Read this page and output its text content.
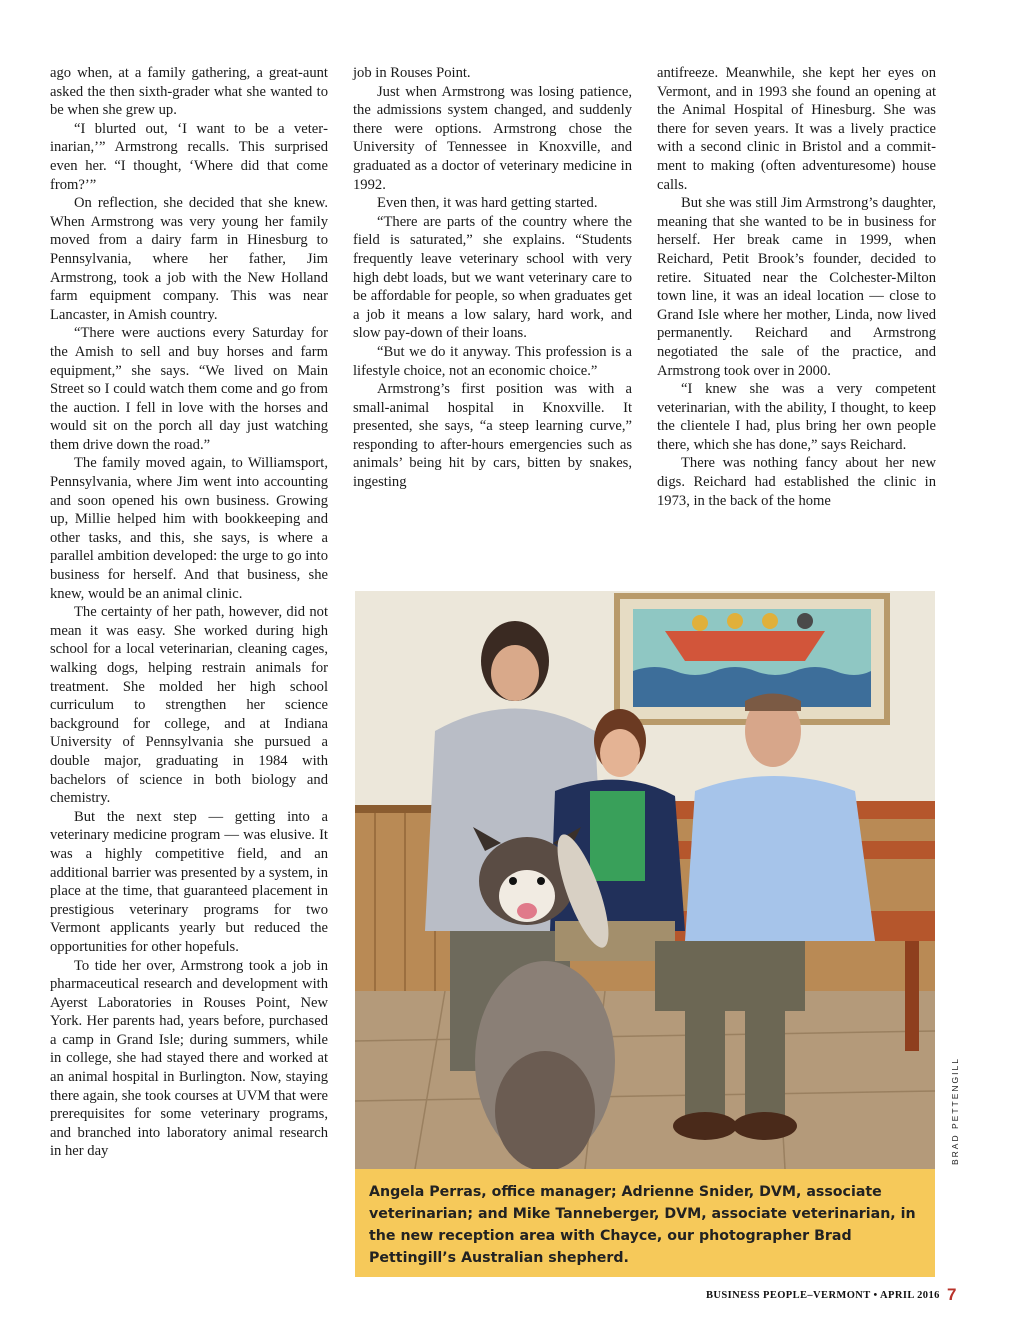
ago when, at a family gathering, a great-aunt asked the then sixth-grader what she wanted to be when she grew up.

“I blurted out, ‘I want to be a veterinarian,’” Armstrong recalls. This surprised even her. “I thought, ‘Where did that come from?’”

On reflection, she decided that she knew. When Armstrong was very young her family moved from a dairy farm in Hinesburg to Pennsylvania, where her father, Jim Armstrong, took a job with the New Holland farm equipment company. This was near Lancaster, in Amish country.

“There were auctions every Saturday for the Amish to sell and buy horses and farm equipment,” she says. “We lived on Main Street so I could watch them come and go from the auction. I fell in love with the horses and would sit on the porch all day just watching them drive down the road.”

The family moved again, to Williamsport, Pennsylvania, where Jim went into accounting and soon opened his own business. Growing up, Millie helped him with bookkeeping and other tasks, and this, she says, is where a parallel ambition developed: the urge to go into business for herself. And that business, she knew, would be an animal clinic.

The certainty of her path, however, did not mean it was easy. She worked during high school for a local veterinarian, cleaning cages, walking dogs, helping restrain animals for treatment. She molded her high school curriculum to strengthen her science background for college, and at Indiana University of Pennsylvania she pursued a double major, graduating in 1984 with bachelors of science in both biology and chemistry.

But the next step — getting into a veterinary medicine program — was elusive. It was a highly competitive field, and an additional barrier was presented by a system, in place at the time, that guaranteed placement in prestigious veterinary programs for two Vermont applicants yearly but reduced the opportunities for other hopefuls.

To tide her over, Armstrong took a job in pharmaceutical research and development with Ayerst Laboratories in Rouses Point, New York. Her parents had, years before, purchased a camp in Grand Isle; during summers, while in college, she had stayed there and worked at an animal hospital in Burlington. Now, staying there again, she took courses at UVM that were prerequisites for some veterinary programs, and branched into laboratory animal research in her day

job in Rouses Point.

Just when Armstrong was losing patience, the admissions system changed, and suddenly there were options. Armstrong chose the University of Tennessee in Knoxville, and graduated as a doctor of veterinary medicine in 1992.

Even then, it was hard getting started.

“There are parts of the country where the field is saturated,” she explains. “Students frequently leave veterinary school with very high debt loads, but we want veterinary care to be affordable for people, so when graduates get a job it means a low salary, hard work, and slow pay-down of their loans.

“But we do it anyway. This profession is a lifestyle choice, not an economic choice.”

Armstrong’s first position was with a small-animal hospital in Knoxville. It presented, she says, “a steep learning curve,” responding to after-hours emergencies such as animals’ being hit by cars, bitten by snakes, ingesting

antifreeze. Meanwhile, she kept her eyes on Vermont, and in 1993 she found an opening at the Animal Hospital of Hinesburg. She was there for seven years. It was a lively practice with a second clinic in Bristol and a commitment to making (often adventuresome) house calls.

But she was still Jim Armstrong’s daughter, meaning that she wanted to be in business for herself. Her break came in 1999, when Reichard, Petit Brook’s founder, decided to retire. Situated near the Colchester-Milton town line, it was an ideal location — close to Grand Isle where her mother, Linda, now lived permanently. Reichard and Armstrong negotiated the sale of the practice, and Armstrong took over in 2000.

“I knew she was a very competent veterinarian, with the ability, I thought, to keep the clientele I had, plus bring her own people there, which she has done,” says Reichard.

There was nothing fancy about her new digs. Reichard had established the clinic in 1973, in the back of the home

Angela Perras, office manager; Adrienne Snider, DVM, associate veterinarian; and Mike Tanneberger, DVM, associate veterinarian, in the new reception area with Chayce, our photographer Brad Pettingill’s Australian shepherd.
BRAD PETTENGILL
BUSINESS PEOPLE–VERMONT • APRIL 2016 7
